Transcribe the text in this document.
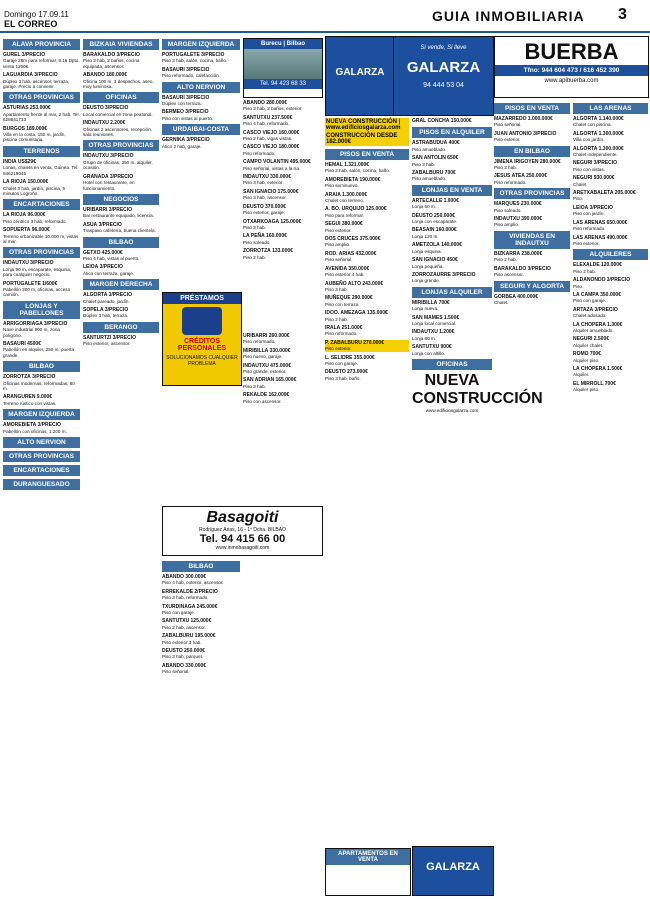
Domingo 17.09.11
EL CORREO	GUIA INMOBILIARIA 3
ALAVA PROVINCIA
GUREL 3/PRECIO
Garaje 28m para reformar, 9.16 Dpto. venta 1200€.
LAGUARDIA 3/PRECIO
Dúplex 3 hab, ascensor, terraza, garaje. Precio a convenir.
OTRAS PROVINCIAS
ASTURIAS 253.000€
Apartamento frente al mar, 2 hab. Tel. 628641733
BURGOS 189.000€
Villa en la costa, 150 m, jardín, piscina comunitaria.
TERRENOS
INDIA US$29€
Lonas, chalets en venta, Guinea. Tel. 946219045
LA RIOJA 150.000€
Chalet 3 hab, jardín, piscina, 5 minutos Logroño.
ENCARTACIONES
LA RIOJA 96.000€
Piso céntrico 3 hab, reformado.
SOPUERTA 96.000€
Terreno urbanizable 10.000 m, vistas al mar.
OTRAS PROVINCIAS
INDAUTXU 3/PRECIO
Lonja 90 m, escaparate, esquina, para cualquier negocio.
PORTUGALETE 1/600€
Pabellón 300 m, oficinas, acceso camión.
LONJAS Y PABELLONES
ARRIGORRIAGA 3/PRECIO
Nave industrial 800 m, zona polígono.
BASAURI 4500€
Pabellón en alquiler, 250 m, puerta grande.
BILBAO
ZORROTZA 3/PRECIO
Oficinas modernas, reformadas, 80 m.
ARANGUREN 9.000€
Terreno rústico con vistas.
MARGEN IZQUIERDA
AMOREBIETA 3/PRECIO
Pabellón con oficinas, 1.200 m.
ALTO NERVION
OTRAS PROVINCIAS
ENCARTACIONES
DURANGUESADO
BIZKAIA VIVIENDAS
BARAKALDO 3/PRECIO
Piso 3 hab, 2 baños, cocina equipada, ascensor.
ABANDO 180.000€
Oficina 100 m, 3 despachos, aseo, muy luminosa.
OFICINAS
DEUSTO 3/PRECIO
Local comercial en zona peatonal.
INDAUTXU 2.200€
Oficinas 2 ascensores, recepción, sala reuniones.
OTRAS PROVINCIAS
INDAUTXU 3/PRECIO
Grupo de oficinas, 350 m, alquiler, ocasión.
GRANADA 3/PRECIO
Hotel con restaurante, en funcionamiento.
NEGOCIOS
URIBARRI 3/PRECIO
Bar restaurante equipado, licencia.
ASUA 3/PRECIO
Traspaso cafetería, buena clientela.
BILBAO
GETXO 425.000€
Piso 4 hab, vistas al puerto.
LEIOA 3/PRECIO
Ático con terraza, garaje.
MARGEN DERECHA
ALGORTA 3/PRECIO
Chalet pareado, jardín.
SOPELA 3/PRECIO
Dúplex 3 hab, terraza.
BERANGO
SANTURTZI 3/PRECIO
Piso exterior, ascensor.
MARGEN IZQUIERDA
PORTUGALETE 3/PRECIO
Piso 3 hab, salón, cocina, baño.
BASAURI 3/PRECIO
Piso reformado, calefacción.
ALTO NERVION
BASAURI 3/PRECIO
Dúplex con terraza.
BERMEO 3/PRECIO
Piso con vistas al puerto.
URDAIBAI-COSTA
GERNIKA 3/PRECIO
Ático 2 hab, garaje.
BILBAO
ABANDO 300.000€
Piso 4 hab, exterior, ascensor.
ERREKALDE 2/PRECIO
Piso 3 hab, reformado.
TXURDINAGA 245.000€
Piso con garaje.
SANTUTXU 125.000€
Piso 2 hab, ascensor.
ZABALBURU 195.000€
Piso exterior 3 hab.
DEUSTO 250.000€
Piso 3 hab, parquet.
ABANDO 330.000€
Piso señorial.
ABANDO 280.000€
Piso 3 hab, 2 baños, exterior.
SANTUTXU 237.500€
Piso 4 hab, reformado.
CASCO VIEJO 160.000€
Piso 2 hab, vigas vistas.
CASCO VIEJO 180.000€
Piso reformado.
CAMPO VOLANTIN 495.000€
Piso señorial, vistas a la ría.
INDAUTXU 330.000€
Piso 3 hab, exterior.
SAN IGNACIO 175.000€
Piso 3 hab, ascensor.
DEUSTO 370.000€
Piso exterior, garaje.
OTXARKOAGA 125.000€
Piso 3 hab.
LA PEÑA 160.000€
Piso soleado.
ZORROTZA 133.000€
Piso 2 hab.
URIBARRI 260.000€
Piso reformado.
MIRIBILLA 330.000€
Piso nuevo, garaje.
INDAUTXU 475.000€
Piso grande, exterior.
SAN ADRIAN 165.000€
Piso 3 hab.
REKALDE 162.000€
Piso con ascensor.
Burecu | Bilbao
Tel. 94 423 68 33
PRÉSTAMOS
CRÉDITOS PERSONALES
SOLUCIONAMOS CUALQUIER PROBLEMA
Basagoiti
Rodríguez Arias, 16 - 1º Dcha. BILBAO
Tel. 94 415 66 00
www.inmobasagoiti.com
GALARZA
Si vende, Si lleve
GALARZA
94 444 53 04
NUEVA CONSTRUCCIÓN | www.edificiosgalarza.com
CONSTRUCCIÓN DESDE 182.000€
PISOS EN VENTA
HEMAL 1.321.000€
Piso 2 hab, salón, cocina, baño.
AMOREBIETA 190.000€
Piso seminuevo.
ARAIA 1.300.000€
Chalet con terreno.
A. BO. URQUIJO 125.000€
Piso para reformar.
SEGUI 380.000€
Piso exterior.
DOS CRUCES 375.000€
Piso amplio.
ROD. ARIAS 432.000€
Piso señorial.
AVENIDA 350.000€
Piso exterior 4 hab.
AUBEÑO ALTO 243.000€
Piso 3 hab.
MUÑEQUE 290.000€
Piso con terraza.
IDOO. AMEZAGA 135.000€
Piso 2 hab.
IRALA 251.000€
Piso reformado.
P. ZABALBURU 270.000€
Piso exterior.
L. SELIDRE 355.000€
Piso con garaje.
DEUSTO 273.000€
Piso 3 hab, baño.
GRAL CONCHA 150.000€
PISOS EN ALQUILER
ASTRABUDUA 400€
Piso amueblado.
SAN ANTOLIN 650€
Piso 3 hab.
ZABALBURU 700€
Piso amueblado.
LONJAS EN VENTA
ARTECALLE 1.000€
Lonja 60 m.
DEUSTO 250.000€
Lonja con escaparate.
BEASAIN 160.000€
Lonja 120 m.
AMETZOLA 140.000€
Lonja esquina.
SAN IGNACIO 450€
Lonja pequeña.
ZORROZAURRE 3/PRECIO
Lonja grande.
LONJAS ALQUILER
MIRIBILLA 700€
Lonja nueva.
SAN MAMES 1.500€
Lonja local comercial.
INDAUTXU 1.200€
Lonja 80 m.
SANTUTXU 900€
Lonja con altillo.
OFICINAS
NUEVA CONSTRUCCIÓN
www.edificiosgalarza.com
GALARZA
APARTAMENTOS EN VENTA
BUERBA
Tfno: 944 604 473 / 616 452 390
www.apibuerba.com
PISOS EN VENTA
MAZARREDO 1.000.000€
Piso señorial.
JUAN ANTONIO 3/PRECIO
Piso exterior.
EN BILBAO
JIMENA IRIGOYEN 280.000€
Piso 3 hab.
JESUS ATEA 250.000€
Piso reformado.
OTRAS PROVINCIAS
MARQUES 230.000€
Piso soleado.
INDAUTXU 390.000€
Piso amplio.
VIVIENDAS EN INDAUTXU
BIZKARRA 238.000€
Piso 2 hab.
BARAKALDO 3/PRECIO
Piso ascensor.
SEGURI Y ALGORTA
GORBEA 400.000€
Chalet.
LAS ARENAS
ALGORTA 1.140.000€
Chalet con piscina.
ALGORTA 1.300.000€
Villa con jardín.
ALGORTA 1.300.000€
Chalet independiente.
NEGURI 3/PRECIO
Piso con vistas.
NEGURI 930.000€
Chalet.
ARETXABALETA 205.000€
Piso.
LEIOA 3/PRECIO
Piso con jardín.
LAS ARENAS 650.000€
Piso reformado.
LAS ARENAS 490.000€
Piso exterior.
ALQUILERES
ELEXALDE 120.000€
Piso 2 hab.
ALDANONDO 3/PRECIO
Piso.
LA CAMPA 350.000€
Piso con garaje.
ARTAZA 3/PRECIO
Chalet adosado.
LA CHOPERA 1.300€
Alquiler amueblado.
NEGURI 2.500€
Alquiler chalet.
ROMO 700€
Alquiler piso.
LA CHOPERA 1.500€
Alquiler.
EL MIRROLL 700€
Alquiler piso.
